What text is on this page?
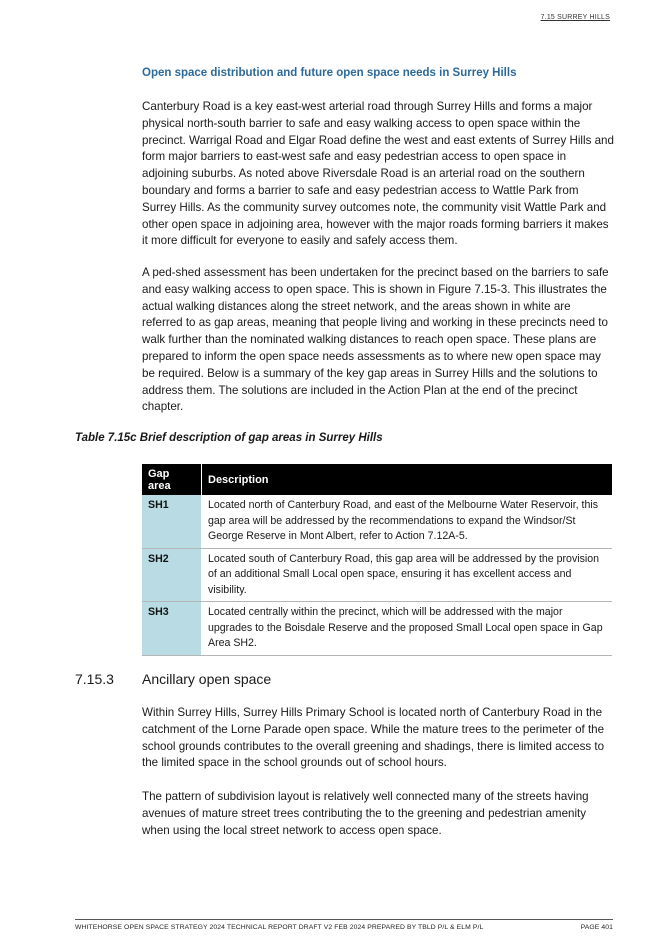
7.15 SURREY HILLS
Open space distribution and future open space needs in Surrey Hills

Canterbury Road is a key east-west arterial road through Surrey Hills and forms a major physical north-south barrier to safe and easy walking access to open space within the precinct. Warrigal Road and Elgar Road define the west and east extents of Surrey Hills and form major barriers to east-west safe and easy pedestrian access to open space in adjoining suburbs. As noted above Riversdale Road is an arterial road on the southern boundary and forms a barrier to safe and easy pedestrian access to Wattle Park from Surrey Hills. As the community survey outcomes note, the community visit Wattle Park and other open space in adjoining area, however with the major roads forming barriers it makes it more difficult for everyone to easily and safely access them.

A ped-shed assessment has been undertaken for the precinct based on the barriers to safe and easy walking access to open space. This is shown in Figure 7.15-3. This illustrates the actual walking distances along the street network, and the areas shown in white are referred to as gap areas, meaning that people living and working in these precincts need to walk further than the nominated walking distances to reach open space. These plans are prepared to inform the open space needs assessments as to where new open space may be required. Below is a summary of the key gap areas in Surrey Hills and the solutions to address them. The solutions are included in the Action Plan at the end of the precinct chapter.

Table 7.15c Brief description of gap areas in Surrey Hills
Gap area	Description
SH1	Located north of Canterbury Road, and east of the Melbourne Water Reservoir, this gap area will be addressed by the recommendations to expand the Windsor/St George Reserve in Mont Albert, refer to Action 7.12A-5.
SH2	Located south of Canterbury Road, this gap area will be addressed by the provision of an additional Small Local open space, ensuring it has excellent access and visibility.
SH3	Located centrally within the precinct, which will be addressed with the major upgrades to the Boisdale Reserve and the proposed Small Local open space in Gap Area SH2.
7.15.3 Ancillary open space

Within Surrey Hills, Surrey Hills Primary School is located north of Canterbury Road in the catchment of the Lorne Parade open space. While the mature trees to the perimeter of the school grounds contributes to the overall greening and shadings, there is limited access to the limited space in the school grounds out of school hours.

The pattern of subdivision layout is relatively well connected many of the streets having avenues of mature street trees contributing the to the greening and pedestrian amenity when using the local street network to access open space.

WHITEHORSE OPEN SPACE STRATEGY 2024 TECHNICAL REPORT DRAFT V2 FEB 2024 PREPARED BY TBLD P/L & ELM P/L	PAGE 401
